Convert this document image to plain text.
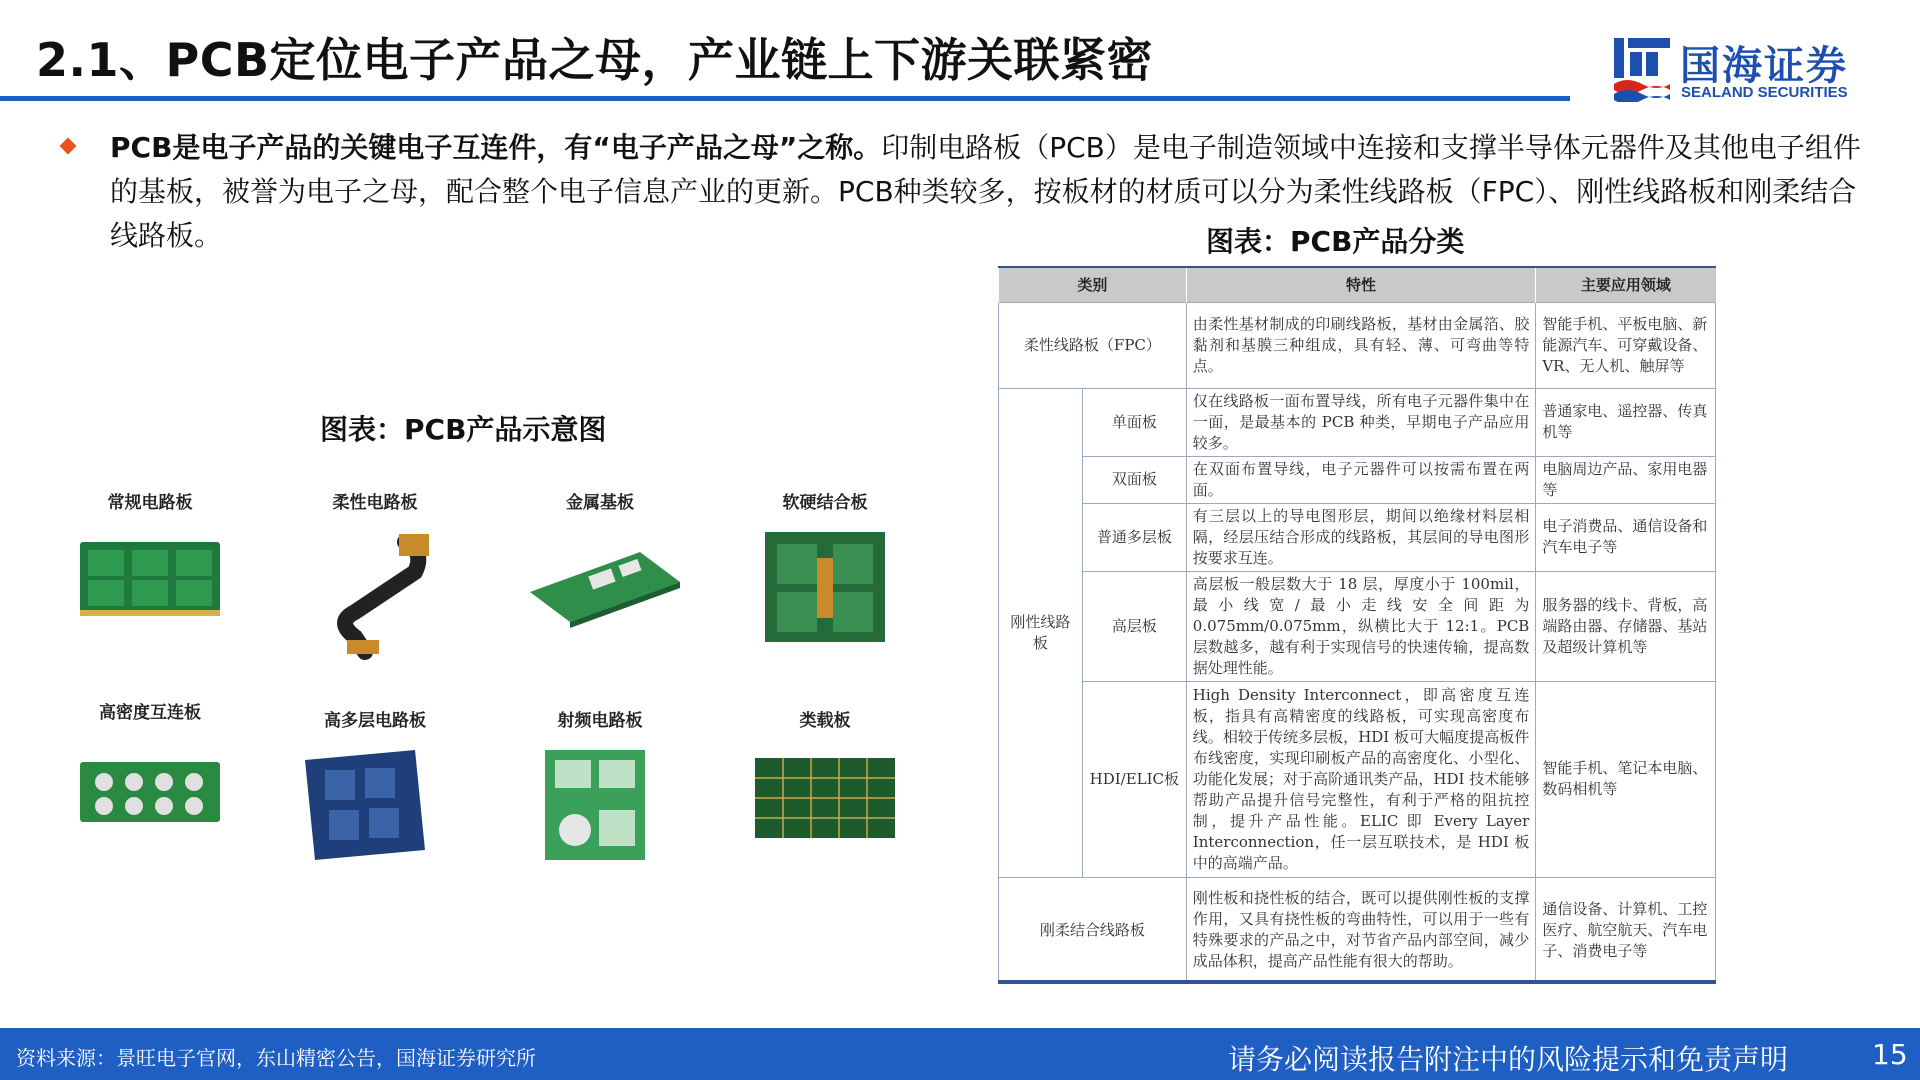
2.1、PCB定位电子产品之母，产业链上下游关联紧密	国海证券
SEALAND SECURITIES
PCB是电子产品的关键电子互连件，有“电子产品之母”之称。印制电路板（PCB）是电子制造领域中连接和支撑半导体元器件及其他电子组件的基板，被誉为电子之母，配合整个电子信息产业的更新。PCB种类较多，按板材的材质可以分为柔性线路板（FPC）、刚性线路板和刚柔结合线路板。
图表：PCB产品示意图
常规电路板	柔性电路板	金属基板	软硬结合板
高密度互连板	高多层电路板	射频电路板	类载板
图表：PCB产品分类
类别		特性	主要应用领域
柔性线路板（FPC）		由柔性基材制成的印刷线路板，基材由金属箔、胶黏剂和基膜三种组成，具有轻、薄、可弯曲等特点。	智能手机、平板电脑、新能源汽车、可穿戴设备、VR、无人机、触屏等
刚性线路板	单面板	仅在线路板一面布置导线，所有电子元器件集中在一面，是最基本的 PCB 种类，早期电子产品应用较多。	普通家电、遥控器、传真机等
	双面板	在双面布置导线，电子元器件可以按需布置在两面。	电脑周边产品、家用电器等
	普通多层板	有三层以上的导电图形层，期间以绝缘材料层相隔，经层压结合形成的线路板，其层间的导电图形按要求互连。	电子消费品、通信设备和汽车电子等
	高层板	高层板一般层数大于 18 层，厚度小于 100mil，最小线宽/最小走线安全间距为 0.075mm/0.075mm，纵横比大于 12:1。PCB 层数越多，越有利于实现信号的快速传输，提高数据处理性能。	服务器的线卡、背板，高端路由器、存储器、基站及超级计算机等
	HDI/ELIC板	High Density Interconnect，即高密度互连板，指具有高精密度的线路板，可实现高密度布线。相较于传统多层板，HDI 板可大幅度提高板件布线密度，实现印刷板产品的高密度化、小型化、功能化发展；对于高阶通讯类产品，HDI 技术能够帮助产品提升信号完整性，有利于严格的阻抗控制，提升产品性能。ELIC 即 Every Layer Interconnection，任一层互联技术，是 HDI 板中的高端产品。	智能手机、笔记本电脑、数码相机等
刚柔结合线路板		刚性板和挠性板的结合，既可以提供刚性板的支撑作用，又具有挠性板的弯曲特性，可以用于一些有特殊要求的产品之中，对节省产品内部空间，减少成品体积，提高产品性能有很大的帮助。	通信设备、计算机、工控医疗、航空航天、汽车电子、消费电子等
资料来源：景旺电子官网，东山精密公告，国海证券研究所	请务必阅读报告附注中的风险提示和免责声明	15
